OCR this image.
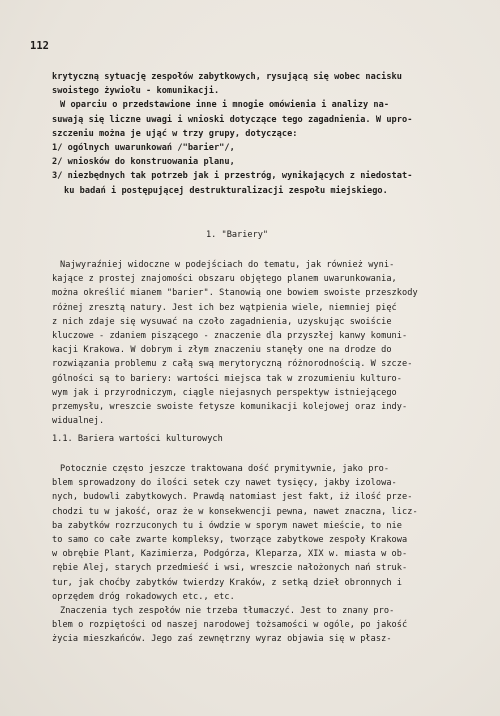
112
krytyczną sytuację zespołów zabytkowych, rysującą się wobec nacisku
swoistego żywiołu - komunikacji.
W oparciu o przedstawione inne i mnogie omówienia i analizy na-
suwają się liczne uwagi i wnioski dotyczące tego zagadnienia. W upro-
szczeniu można je ująć w trzy grupy, dotyczące:
1/ ogólnych uwarunkowań /"barier"/,
2/ wniosków do konstruowania planu,
3/ niezbędnych tak potrzeb jak i przestróg, wynikających z niedostat-
ku badań i postępującej destrukturalizacji zespołu miejskiego.
1. "Bariery"
Najwyraźniej widoczne w podejściach do tematu, jak również wyni-
kające z prostej znajomości obszaru objętego planem uwarunkowania,
można określić mianem "barier". Stanowią one bowiem swoiste przeszkody
różnej zresztą natury. Jest ich bez wątpienia wiele, niemniej pięć
z nich zdaje się wysuwać na czoło zagadnienia, uzyskując swoiście
kluczowe - zdaniem piszącego - znaczenie dla przyszłej kanwy komuni-
kacji Krakowa. W dobrym i złym znaczeniu stanęły one na drodze do
rozwiązania problemu z całą swą merytoryczną różnorodnością. W szcze-
gólności są to bariery: wartości miejsca tak w zrozumieniu kulturo-
wym jak i przyrodniczym, ciągle niejasnych perspektyw istniejącego
przemysłu, wreszcie swoiste fetysze komunikacji kolejowej oraz indy-
widualnej.
1.1. Bariera wartości kulturowych
Potocznie często jeszcze traktowana dość prymitywnie, jako pro-
blem sprowadzony do ilości setek czy nawet tysięcy, jakby izolowa-
nych, budowli zabytkowych. Prawdą natomiast jest fakt, iż ilość prze-
chodzi tu w jakość, oraz że w konsekwencji pewna, nawet znaczna, licz-
ba zabytków rozrzuconych tu i ówdzie w sporym nawet mieście, to nie
to samo co całe zwarte kompleksy, tworzące zabytkowe zespoły Krakowa
w obrębie Plant, Kazimierza, Podgórza, Kleparza, XIX w. miasta w ob-
rębie Alej, starych przedmieść i wsi, wreszcie nałożonych nań struk-
tur, jak choćby zabytków twierdzy Kraków, z setką dzieł obronnych i
oprzędem dróg rokadowych etc., etc.
Znaczenia tych zespołów nie trzeba tłumaczyć. Jest to znany pro-
blem o rozpiętości od naszej narodowej tożsamości w ogóle, po jakość
życia mieszkańców. Jego zaś zewnętrzny wyraz objawia się w płasz-
